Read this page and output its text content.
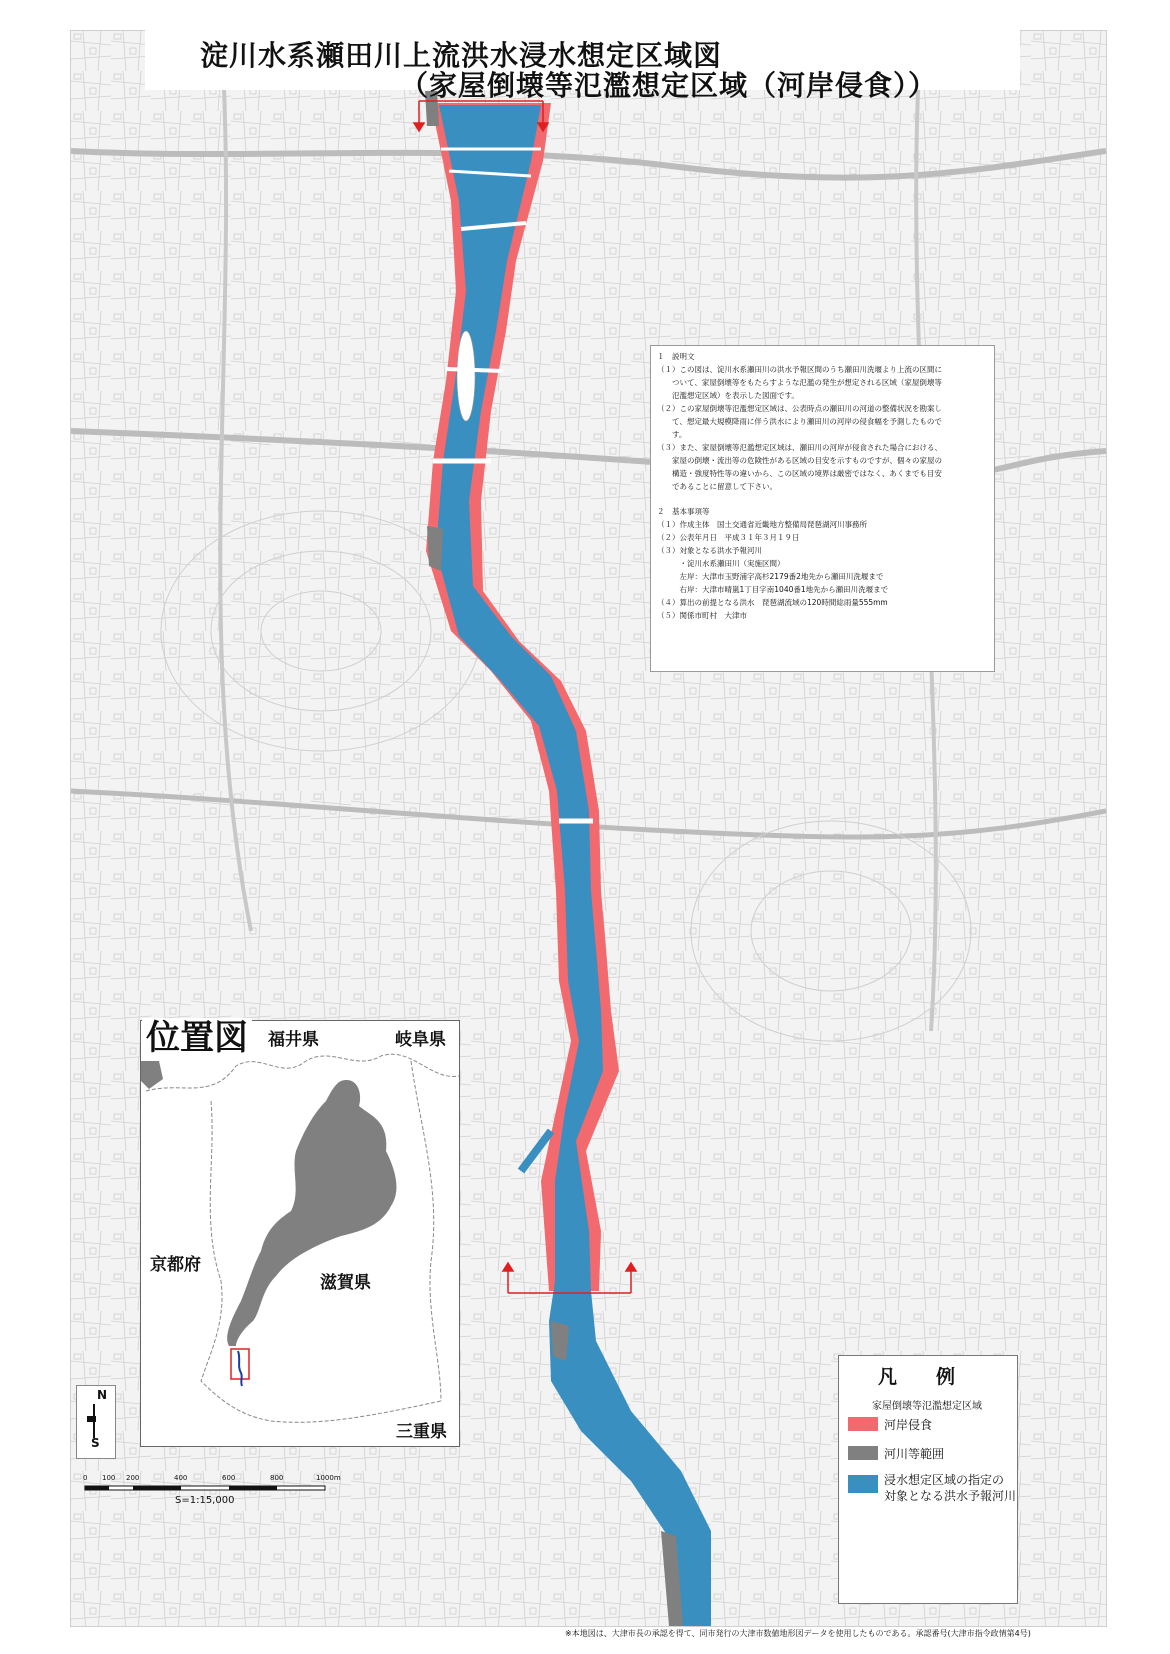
淀川水系瀬田川上流洪水浸水想定区域図
（家屋倒壊等氾濫想定区域（河岸侵食））
１　説明文
（１）この図は、淀川水系瀬田川の洪水予報区間のうち瀬田川洗堰より上流の区間に
　　ついて、家屋倒壊等をもたらすような氾濫の発生が想定される区域（家屋倒壊等
　　氾濫想定区域）を表示した図面です。
（２）この家屋倒壊等氾濫想定区域は、公表時点の瀬田川の河道の整備状況を勘案し
　　て、想定最大規模降雨に伴う洪水により瀬田川の河岸の侵食幅を予測したもので
　　す。
（３）また、家屋倒壊等氾濫想定区域は、瀬田川の河岸が侵食された場合における、
　　家屋の倒壊・流出等の危険性がある区域の目安を示すものですが、個々の家屋の
　　構造・強度特性等の違いから、この区域の境界は厳密ではなく、あくまでも目安
　　であることに留意して下さい。
２　基本事項等
（１）作成主体　国土交通省近畿地方整備局琵琶湖河川事務所
（２）公表年月日　平成３１年３月１９日
（３）対象となる洪水予報河川
　　　・淀川水系瀬田川（実施区間）
　　　左岸：大津市玉野浦字高杉2179番2地先から瀬田川洗堰まで
　　　右岸：大津市晴嵐1丁目字南1040番1地先から瀬田川洗堰まで
（４）算出の前提となる洪水　琵琶湖流域の120時間総雨量555mm
（５）関係市町村　大津市
位置図 福井県	岐阜県
京都府
滋賀県
三重県
N
S
0 100 200	400	600	800	1000m
S=1:15,000
凡　例
家屋倒壊等氾濫想定区域
河岸侵食
河川等範囲
浸水想定区域の指定の
対象となる洪水予報河川
※本地図は、大津市長の承認を得て、同市発行の大津市数値地形図データを使用したものである。承認番号(大津市指令政情第4号)
